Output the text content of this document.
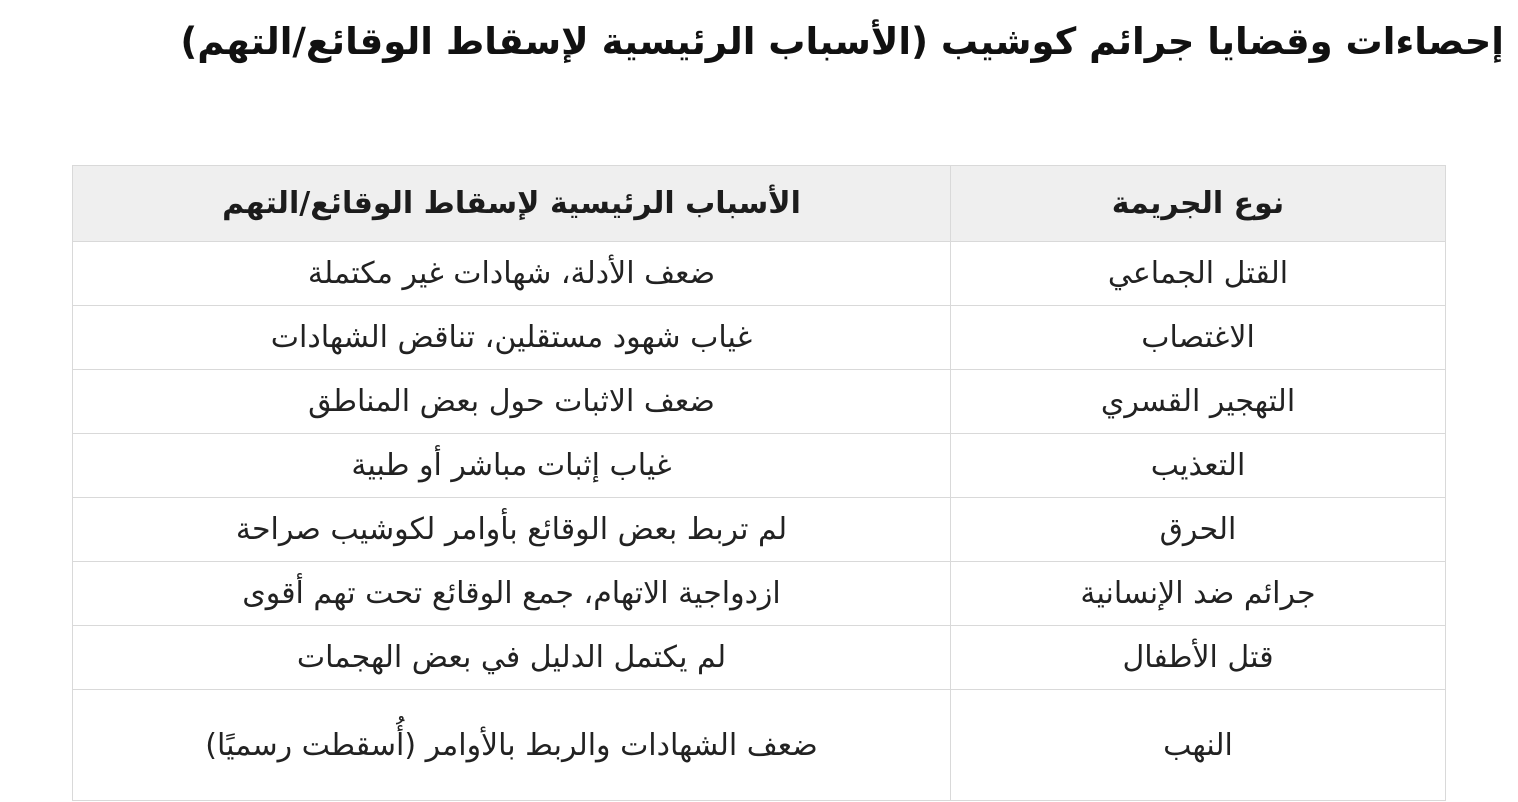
إحصاءات وقضايا جرائم كوشيب (الأسباب الرئيسية لإسقاط الوقائع/التهم)
نوع الجريمة	الأسباب الرئيسية لإسقاط الوقائع/التهم
القتل الجماعي	ضعف الأدلة، شهادات غير مكتملة
الاغتصاب	غياب شهود مستقلين، تناقض الشهادات
التهجير القسري	ضعف الاثبات حول بعض المناطق
التعذيب	غياب إثبات مباشر أو طبية
الحرق	لم تربط بعض الوقائع بأوامر لكوشيب صراحة
جرائم ضد الإنسانية	ازدواجية الاتهام، جمع الوقائع تحت تهم أقوى
قتل الأطفال	لم يكتمل الدليل في بعض الهجمات
النهب	ضعف الشهادات والربط بالأوامر (أُسقطت رسميًا)
